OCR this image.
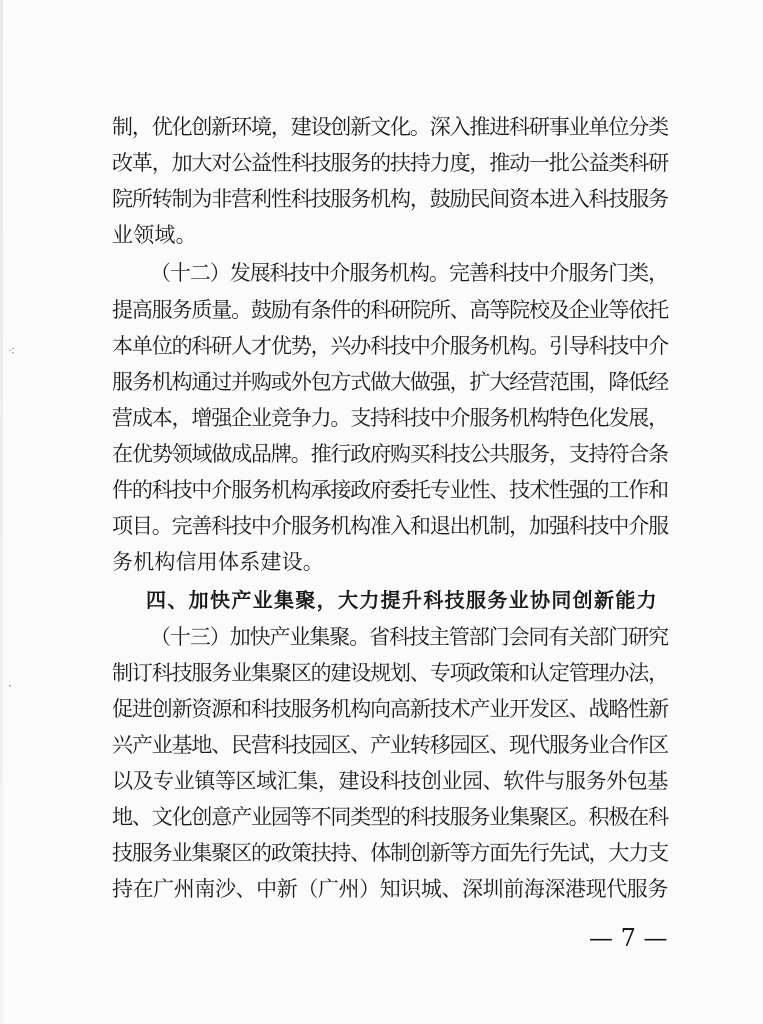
⁖
·
制，优化创新环境，建设创新文化。深入推进科研事业单位分类
改革，加大对公益性科技服务的扶持力度，推动一批公益类科研
院所转制为非营利性科技服务机构，鼓励民间资本进入科技服务
业领域。
（十二）发展科技中介服务机构。完善科技中介服务门类，
提高服务质量。鼓励有条件的科研院所、高等院校及企业等依托
本单位的科研人才优势，兴办科技中介服务机构。引导科技中介
服务机构通过并购或外包方式做大做强，扩大经营范围，降低经
营成本，增强企业竞争力。支持科技中介服务机构特色化发展，
在优势领域做成品牌。推行政府购买科技公共服务，支持符合条
件的科技中介服务机构承接政府委托专业性、技术性强的工作和
项目。完善科技中介服务机构准入和退出机制，加强科技中介服
务机构信用体系建设。
四、加快产业集聚，大力提升科技服务业协同创新能力
（十三）加快产业集聚。省科技主管部门会同有关部门研究
制订科技服务业集聚区的建设规划、专项政策和认定管理办法，
促进创新资源和科技服务机构向高新技术产业开发区、战略性新
兴产业基地、民营科技园区、产业转移园区、现代服务业合作区
以及专业镇等区域汇集，建设科技创业园、软件与服务外包基
地、文化创意产业园等不同类型的科技服务业集聚区。积极在科
技服务业集聚区的政策扶持、体制创新等方面先行先试，大力支
持在广州南沙、中新（广州）知识城、深圳前海深港现代服务
— 7 —
